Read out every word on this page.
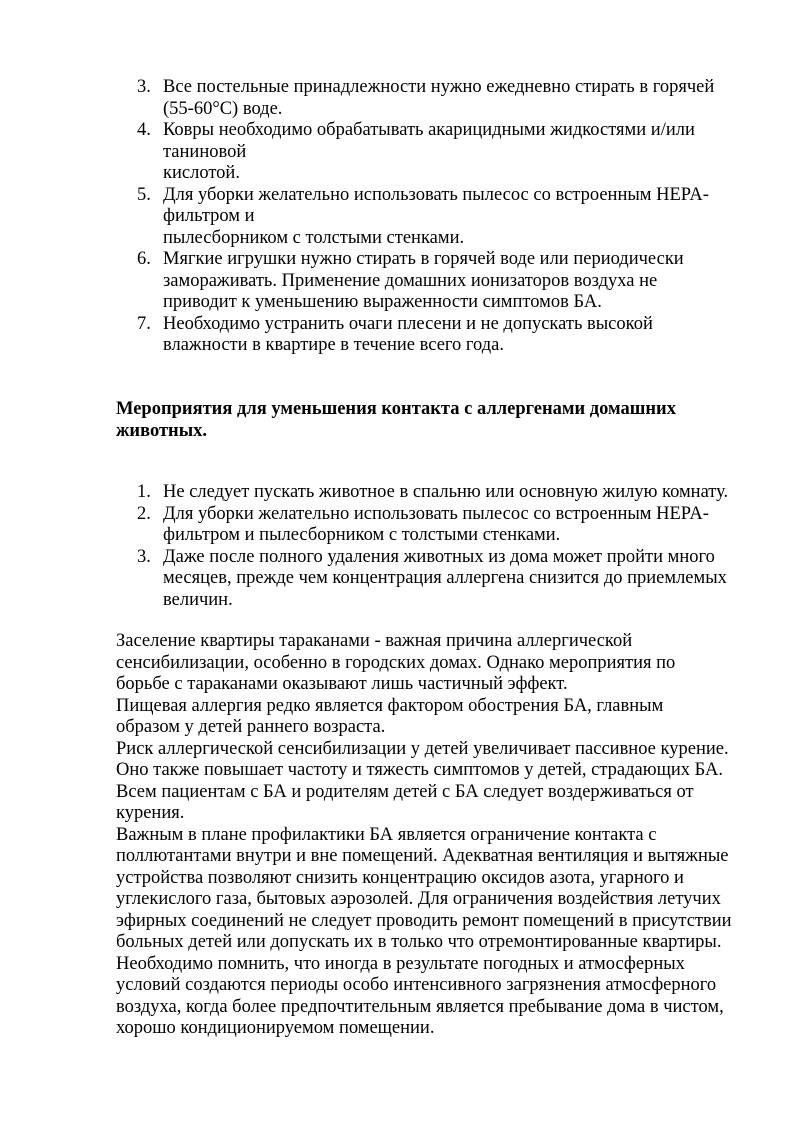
3. Все постельные принадлежности нужно ежедневно стирать в горячей
(55-60°C) воде.
4. Ковры необходимо обрабатывать акарицидными жидкостями и/или
таниновой
кислотой.
5. Для уборки желательно использовать пылесос со встроенным HEPA-
фильтром и
пылесборником с толстыми стенками.
6. Мягкие игрушки нужно стирать в горячей воде или периодически
замораживать. Применение домашних ионизаторов воздуха не
приводит к уменьшению выраженности симптомов БА.
7. Необходимо устранить очаги плесени и не допускать высокой
влажности в квартире в течение всего года.
Мероприятия для уменьшения контакта с аллергенами домашних
животных.
1. Не следует пускать животное в спальню или основную жилую комнату.
2. Для уборки желательно использовать пылесос со встроенным HEPA-
фильтром и пылесборником с толстыми стенками.
3. Даже после полного удаления животных из дома может пройти много
месяцев, прежде чем концентрация аллергена снизится до приемлемых
величин.
Заселение квартиры тараканами - важная причина аллергической
сенсибилизации, особенно в городских домах. Однако мероприятия по
борьбе с тараканами оказывают лишь частичный эффект.
Пищевая аллергия редко является фактором обострения БА, главным
образом у детей раннего возраста.
Риск аллергической сенсибилизации у детей увеличивает пассивное курение.
Оно также повышает частоту и тяжесть симптомов у детей, страдающих БА.
Всем пациентам с БА и родителям детей с БА следует воздерживаться от
курения.
Важным в плане профилактики БА является ограничение контакта с
поллютантами внутри и вне помещений. Адекватная вентиляция и вытяжные
устройства позволяют снизить концентрацию оксидов азота, угарного и
углекислого газа, бытовых аэрозолей. Для ограничения воздействия летучих
эфирных соединений не следует проводить ремонт помещений в присутствии
больных детей или допускать их в только что отремонтированные квартиры.
Необходимо помнить, что иногда в результате погодных и атмосферных
условий создаются периоды особо интенсивного загрязнения атмосферного
воздуха, когда более предпочтительным является пребывание дома в чистом,
хорошо кондиционируемом помещении.
